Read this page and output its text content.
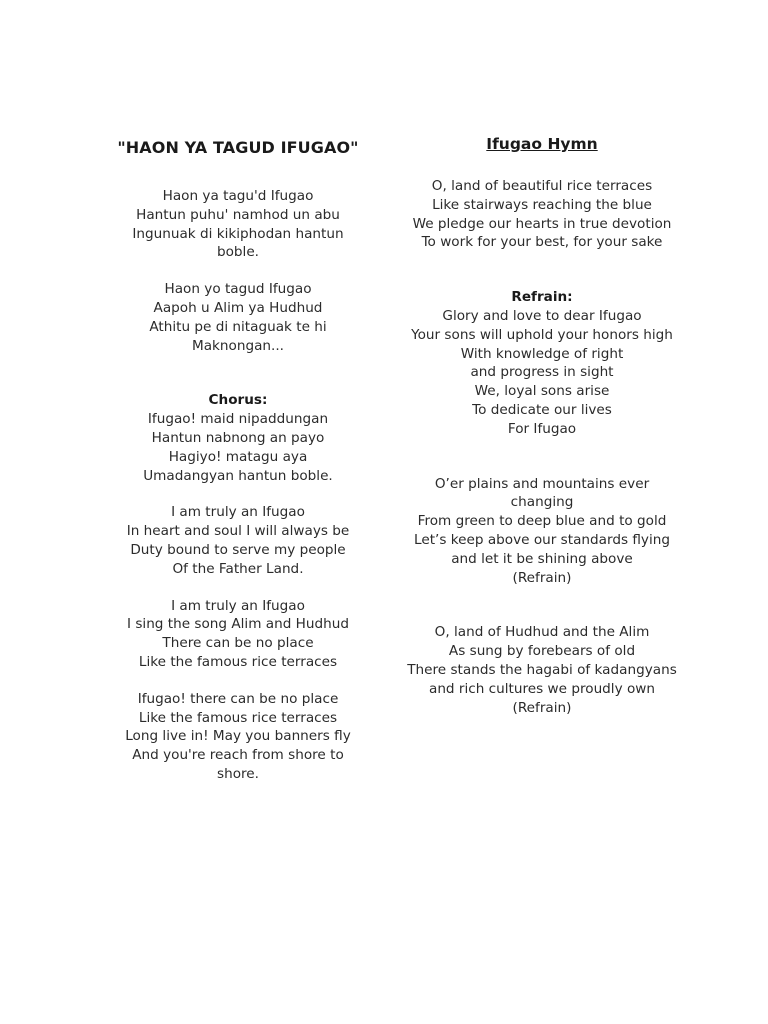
"HAON YA TAGUD IFUGAO"
Haon ya tagu'd Ifugao
Hantun puhu' namhod un abu
Ingunuak di kikiphodan hantun
boble.
Haon yo tagud Ifugao
Aapoh u Alim ya Hudhud
Athitu pe di nitaguak te hi
Maknongan...
Chorus:
Ifugao! maid nipaddungan
Hantun nabnong an payo
Hagiyo! matagu aya
Umadangyan hantun boble.
I am truly an Ifugao
In heart and soul I will always be
Duty bound to serve my people
Of the Father Land.
I am truly an Ifugao
I sing the song Alim and Hudhud
There can be no place
Like the famous rice terraces
Ifugao! there can be no place
Like the famous rice terraces
Long live in! May you banners fly
And you're reach from shore to
shore.
Ifugao Hymn
O, land of beautiful rice terraces
Like stairways reaching the blue
We pledge our hearts in true devotion
To work for your best, for your sake
Refrain:
Glory and love to dear Ifugao
Your sons will uphold your honors high
With knowledge of right
and progress in sight
We, loyal sons arise
To dedicate our lives
For Ifugao
O’er plains and mountains ever
changing
From green to deep blue and to gold
Let’s keep above our standards flying
and let it be shining above
(Refrain)
O, land of Hudhud and the Alim
As sung by forebears of old
There stands the hagabi of kadangyans
and rich cultures we proudly own
(Refrain)
